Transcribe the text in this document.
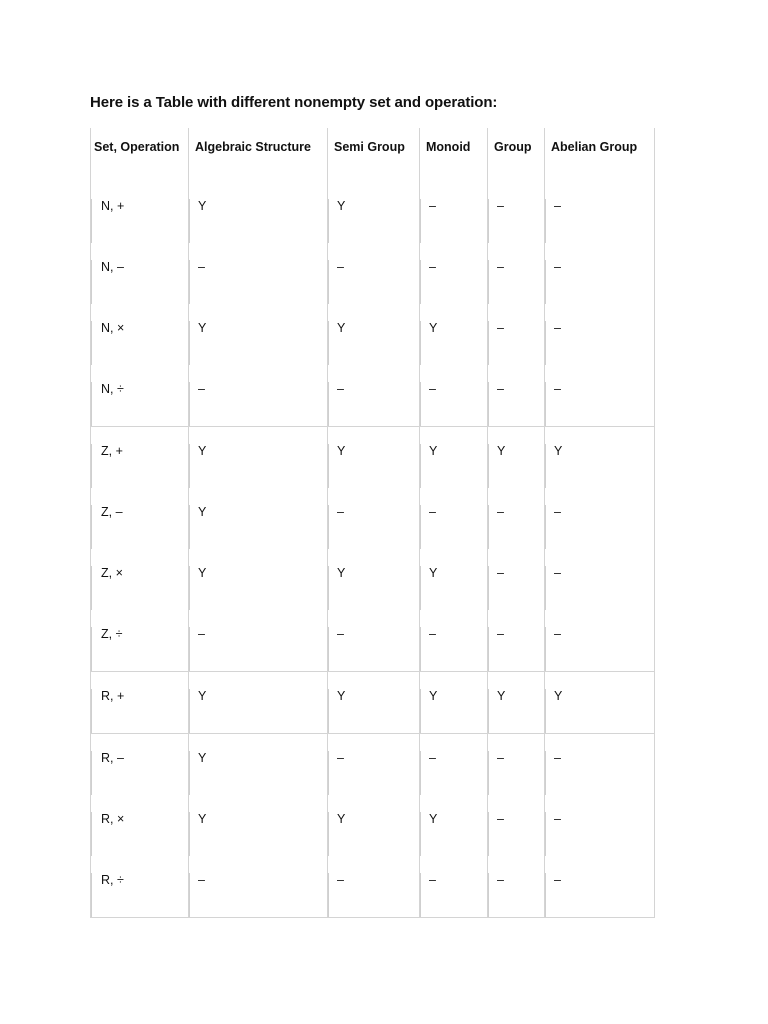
Here is a Table with different nonempty set and operation:
Set, Operation	Algebraic Structure	Semi Group	Monoid	Group	Abelian Group

N, +	Y	Y	–	–	–

N, –	–	–	–	–	–

N, ×	Y	Y	Y	–	–

N, ÷	–	–	–	–	–

Z, +	Y	Y	Y	Y	Y

Z, –	Y	–	–	–	–

Z, ×	Y	Y	Y	–	–

Z, ÷	–	–	–	–	–

R, +	Y	Y	Y	Y	Y

R, –	Y	–	–	–	–

R, ×	Y	Y	Y	–	–

R, ÷	–	–	–	–	–
